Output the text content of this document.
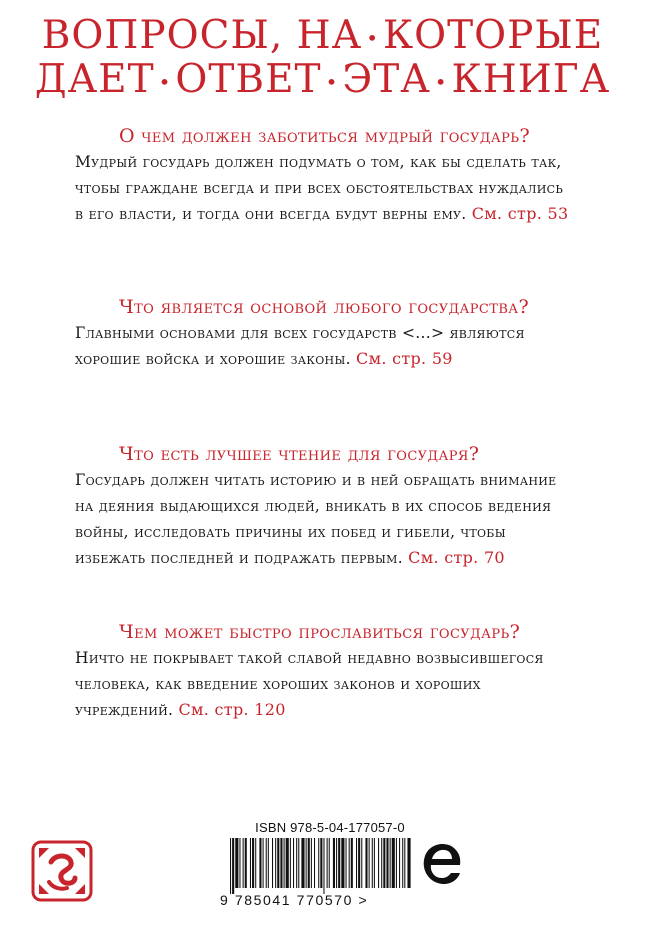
ВОПРОСЫ, НА • КОТОРЫЕ
ДАЕТ • ОТВЕТ • ЭТА • КНИГА
О чем должен заботиться мудрый государь?
Мудрый государь должен подумать о том, как бы сделать так, чтобы граждане всегда и при всех обстоятельствах нуждались в его власти, и тогда они всегда будут верны ему. См. стр. 53
Что является основой любого государства?
Главными основами для всех государств <...> являются хорошие войска и хорошие законы. См. стр. 59
Что есть лучшее чтение для государя?
Государь должен читать историю и в ней обращать внимание на деяния выдающихся людей, вникать в их способ ведения войны, исследовать причины их побед и гибели, чтобы избежать последней и подражать первым. См. стр. 70
Чем может быстро прославиться государь?
Ничто не покрывает такой славой недавно возвысившегося человека, как введение хороших законов и хороших учреждений. См. стр. 120
ISBN 978-5-04-177057-0
9 785041 770570 >
